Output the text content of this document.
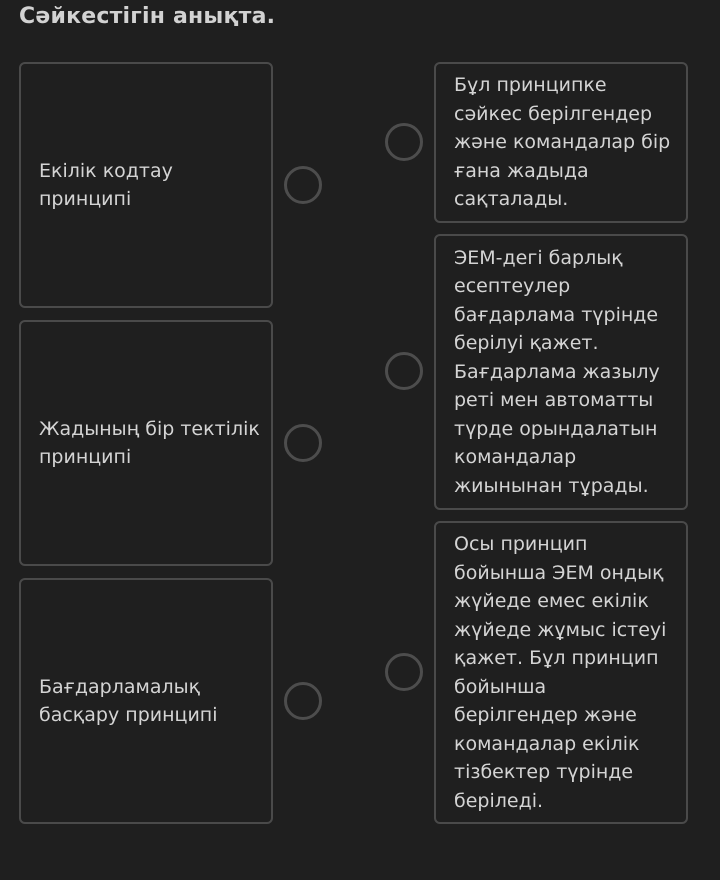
Сәйкестігін анықта.
Екілік кодтау
принципі
Жадының бір тектілік
принципі
Бағдарламалық
басқару принципі
Бұл принципке
сәйкес берілгендер
және командалар бір
ғана жадыда
сақталады.
ЭЕМ-дегі барлық
есептеулер
бағдарлама түрінде
берілуі қажет.
Бағдарлама жазылу
реті мен автоматты
түрде орындалатын
командалар
жиынынан тұрады.
Осы принцип
бойынша ЭЕМ ондық
жүйеде емес екілік
жүйеде жұмыс істеуі
қажет. Бұл принцип
бойынша
берілгендер және
командалар екілік
тізбектер түрінде
беріледі.
